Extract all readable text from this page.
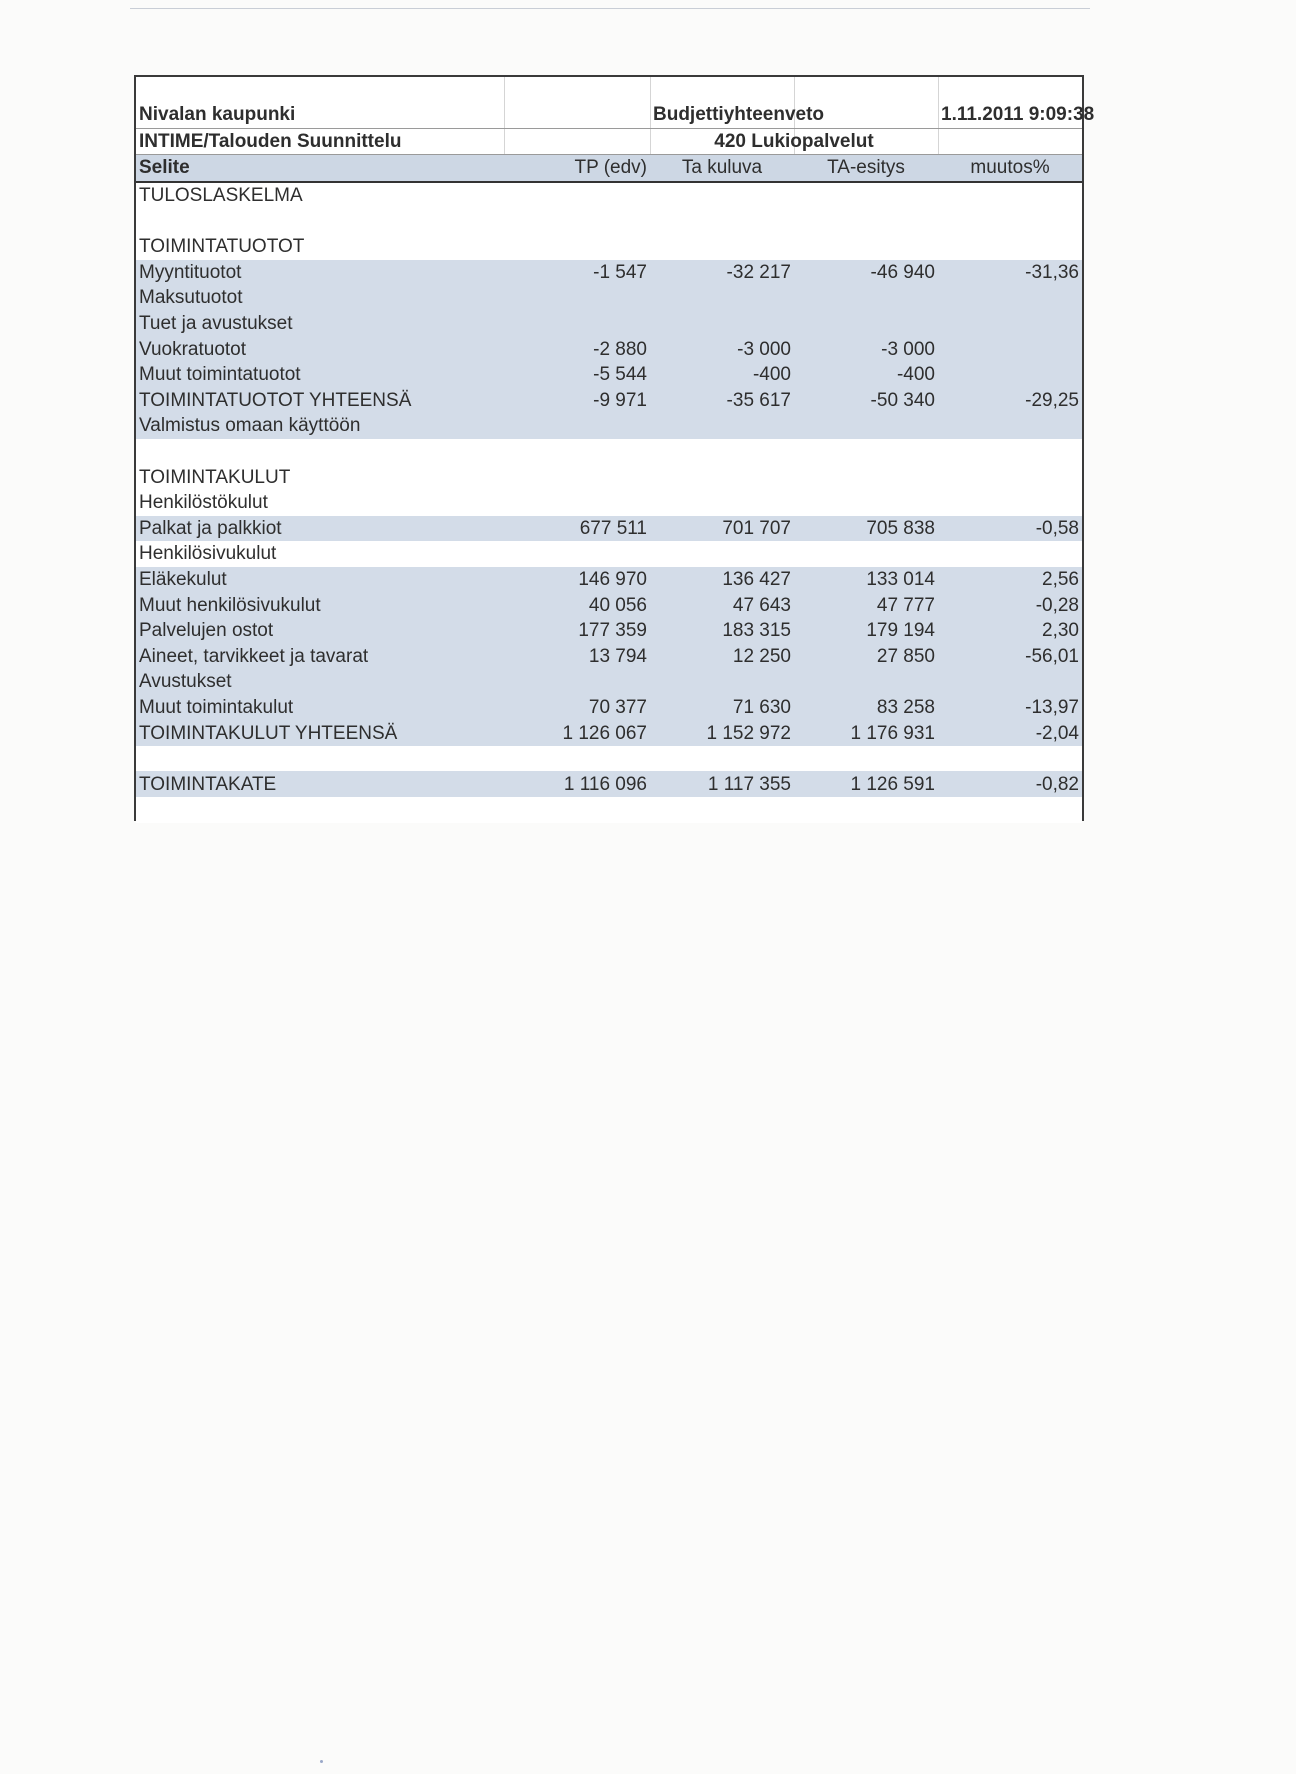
Nivalan kaupunki		Budjettiyhteenveto		1.11.2011 9:09:38
INTIME/Talouden Suunnittelu		420 Lukiopalvelut		
Selite	TP (edv)	Ta kuluva	TA-esitys	muutos%
TULOSLASKELMA				

TOIMINTATUOTOT				
Myyntituotot	-1 547	-32 217	-46 940	-31,36
Maksutuotot				
Tuet ja avustukset				
Vuokratuotot	-2 880	-3 000	-3 000	
Muut toimintatuotot	-5 544	-400	-400	
TOIMINTATUOTOT YHTEENSÄ	-9 971	-35 617	-50 340	-29,25
Valmistus omaan käyttöön				

TOIMINTAKULUT				
Henkilöstökulut				
Palkat ja palkkiot	677 511	701 707	705 838	-0,58
Henkilösivukulut				
Eläkekulut	146 970	136 427	133 014	2,56
Muut henkilösivukulut	40 056	47 643	47 777	-0,28
Palvelujen ostot	177 359	183 315	179 194	2,30
Aineet, tarvikkeet ja tavarat	13 794	12 250	27 850	-56,01
Avustukset				
Muut toimintakulut	70 377	71 630	83 258	-13,97
TOIMINTAKULUT YHTEENSÄ	1 126 067	1 152 972	1 176 931	-2,04

TOIMINTAKATE	1 116 096	1 117 355	1 126 591	-0,82
